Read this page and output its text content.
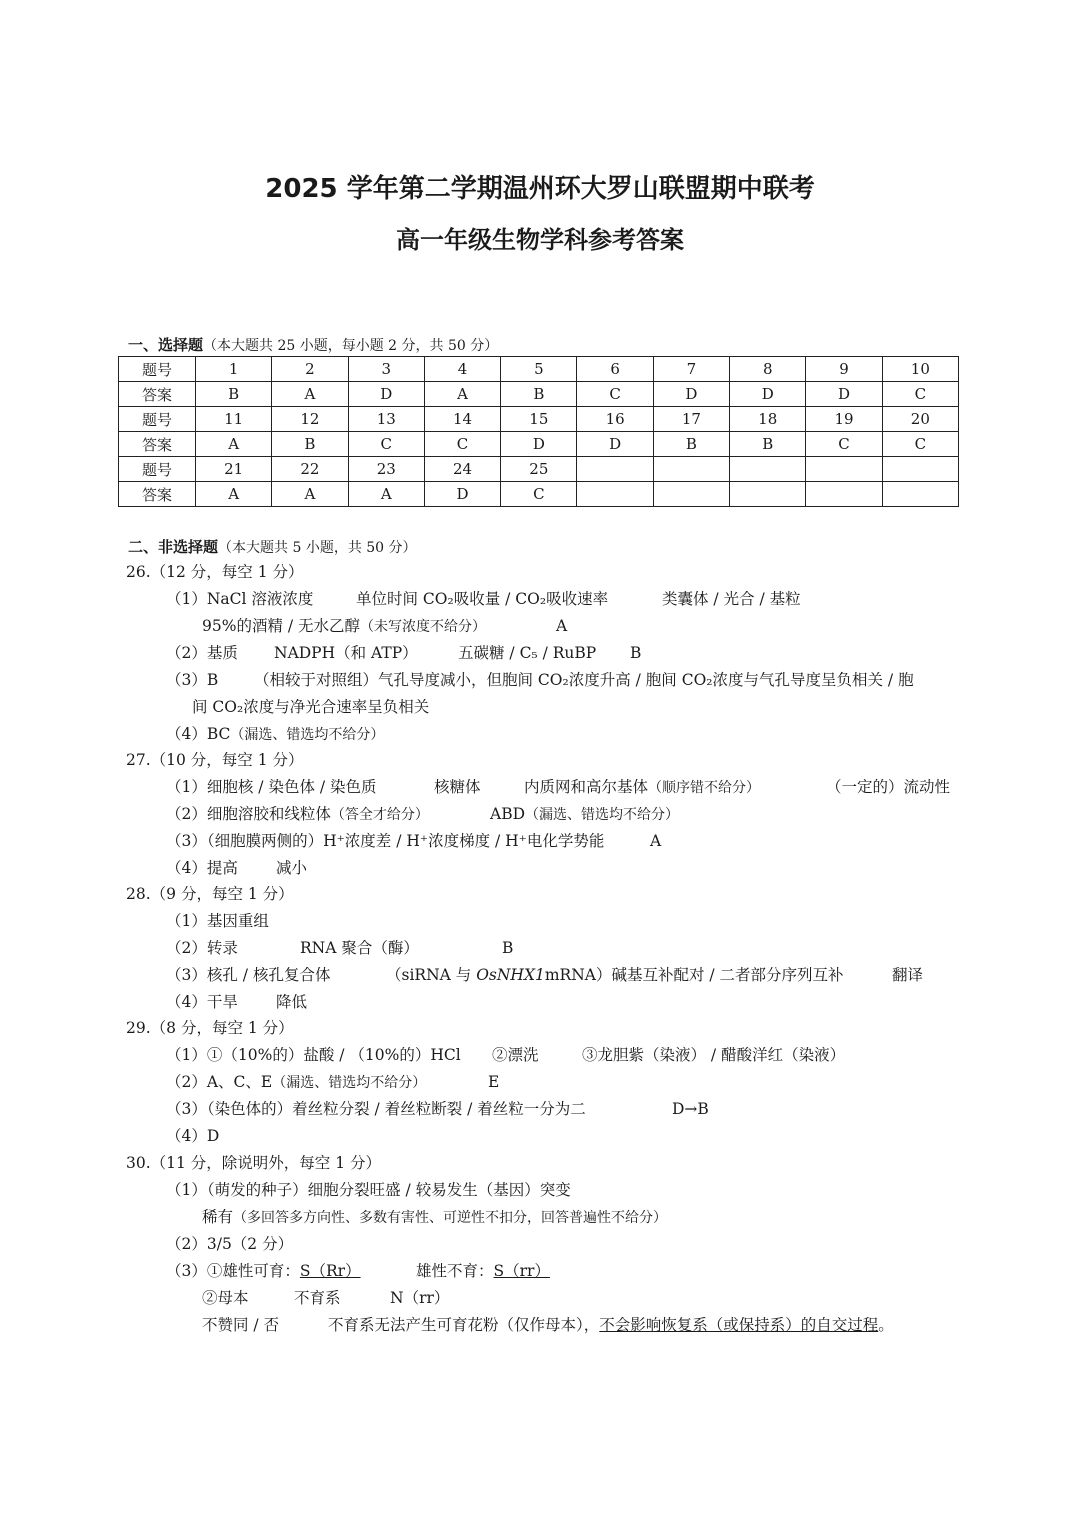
2025 学年第二学期温州环大罗山联盟期中联考
高一年级生物学科参考答案
一、选择题（本大题共 25 小题，每小题 2 分，共 50 分）
题号	1	2	3	4	5	6	7	8	9	10
答案	B	A	D	A	B	C	D	D	D	C
题号	11	12	13	14	15	16	17	18	19	20
答案	A	B	C	C	D	D	B	B	C	C
题号	21	22	23	24	25					
答案	A	A	A	D	C					
二、非选择题（本大题共 5 小题，共 50 分）
26.（12 分，每空 1 分）
（1）NaCl 溶液浓度	单位时间 CO₂吸收量 / CO₂吸收速率	类囊体 / 光合 / 基粒
95%的酒精 / 无水乙醇（未写浓度不给分）	A
（2）基质 NADPH（和 ATP）	五碳糖 / C₅ / RuBP B
（3）B （相较于对照组）气孔导度减小，但胞间 CO₂浓度升高 / 胞间 CO₂浓度与气孔导度呈负相关 / 胞
间 CO₂浓度与净光合速率呈负相关
（4）BC（漏选、错选均不给分）
27.（10 分，每空 1 分）
（1）细胞核 / 染色体 / 染色质	核糖体	内质网和高尔基体（顺序错不给分）	（一定的）流动性
（2）细胞溶胶和线粒体（答全才给分）	ABD（漏选、错选均不给分）
（3）（细胞膜两侧的）H⁺浓度差 / H⁺浓度梯度 / H⁺电化学势能	A
（4）提高 减小
28.（9 分，每空 1 分）
（1）基因重组
（2）转录	RNA 聚合（酶）	B
（3）核孔 / 核孔复合体	（siRNA 与 OsNHX1mRNA）碱基互补配对 / 二者部分序列互补	翻译
（4）干旱 降低
29.（8 分，每空 1 分）
（1）①（10%的）盐酸 / （10%的）HCl ②漂洗	③龙胆紫（染液） / 醋酸洋红（染液）
（2）A、C、E（漏选、错选均不给分）	E
（3）（染色体的）着丝粒分裂 / 着丝粒断裂 / 着丝粒一分为二	D→B
（4）D
30.（11 分，除说明外，每空 1 分）
（1）（萌发的种子）细胞分裂旺盛 / 较易发生（基因）突变
稀有（多回答多方向性、多数有害性、可逆性不扣分，回答普遍性不给分）
（2）3/5（2 分）
（3）①雄性可育：S（Rr）	雄性不育：S（rr）
②母本	不育系	N（rr）
不赞同 / 否	不育系无法产生可育花粉（仅作母本），不会影响恢复系（或保持系）的自交过程。
